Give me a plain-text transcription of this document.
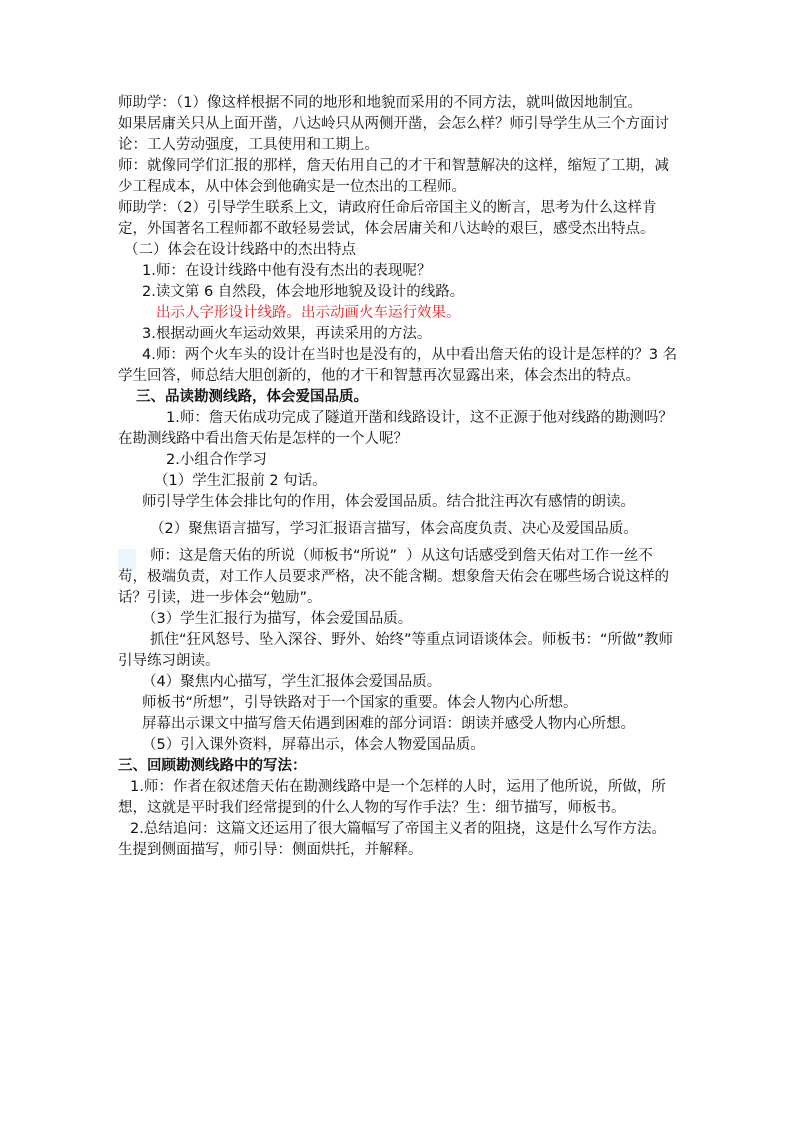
师助学：（1）像这样根据不同的地形和地貌而采用的不同方法，就叫做因地制宜。

如果居庸关只从上面开凿，八达岭只从两侧开凿，会怎么样？师引导学生从三个方面讨论：工人劳动强度，工具使用和工期上。

师：就像同学们汇报的那样，詹天佑用自己的才干和智慧解决的这样，缩短了工期，减少工程成本，从中体会到他确实是一位杰出的工程师。

师助学：（2）引导学生联系上文，请政府任命后帝国主义的断言，思考为什么这样肯定，外国著名工程师都不敢轻易尝试，体会居庸关和八达岭的艰巨，感受杰出特点。

（二）体会在设计线路中的杰出特点

1.师：在设计线路中他有没有杰出的表现呢？

2.读文第 6 自然段，体会地形地貌及设计的线路。

出示人字形设计线路。出示动画火车运行效果。

3.根据动画火车运动效果，再读采用的方法。

4.师：两个火车头的设计在当时也是没有的，从中看出詹天佑的设计是怎样的？3 名学生回答，师总结大胆创新的，他的才干和智慧再次显露出来，体会杰出的特点。

三、品读勘测线路，体会爱国品质。

1.师：詹天佑成功完成了隧道开凿和线路设计，这不正源于他对线路的勘测吗？在勘测线路中看出詹天佑是怎样的一个人呢？

2.小组合作学习

（1）学生汇报前 2 句话。

师引导学生体会排比句的作用，体会爱国品质。结合批注再次有感情的朗读。

（2）聚焦语言描写，学习汇报语言描写，体会高度负责、决心及爱国品质。

师：这是詹天佑的所说（师板书“所说”  ）从这句话感受到詹天佑对工作一丝不苟，极端负责，对工作人员要求严格，决不能含糊。想象詹天佑会在哪些场合说这样的话？引读，进一步体会“勉励”。

（3）学生汇报行为描写，体会爱国品质。

抓住“狂风怒号、坠入深谷、野外、始终”等重点词语谈体会。师板书：“所做”教师引导练习朗读。

（4）聚焦内心描写，学生汇报体会爱国品质。

师板书“所想”，引导铁路对于一个国家的重要。体会人物内心所想。

屏幕出示课文中描写詹天佑遇到困难的部分词语：朗读并感受人物内心所想。

（5）引入课外资料，屏幕出示，体会人物爱国品质。

三、回顾勘测线路中的写法：

1.师：作者在叙述詹天佑在勘测线路中是一个怎样的人时，运用了他所说，所做，所想，这就是平时我们经常提到的什么人物的写作手法？生：细节描写，师板书。

2.总结追问：这篇文还运用了很大篇幅写了帝国主义者的阻挠，这是什么写作方法。生提到侧面描写，师引导：侧面烘托，并解释。
